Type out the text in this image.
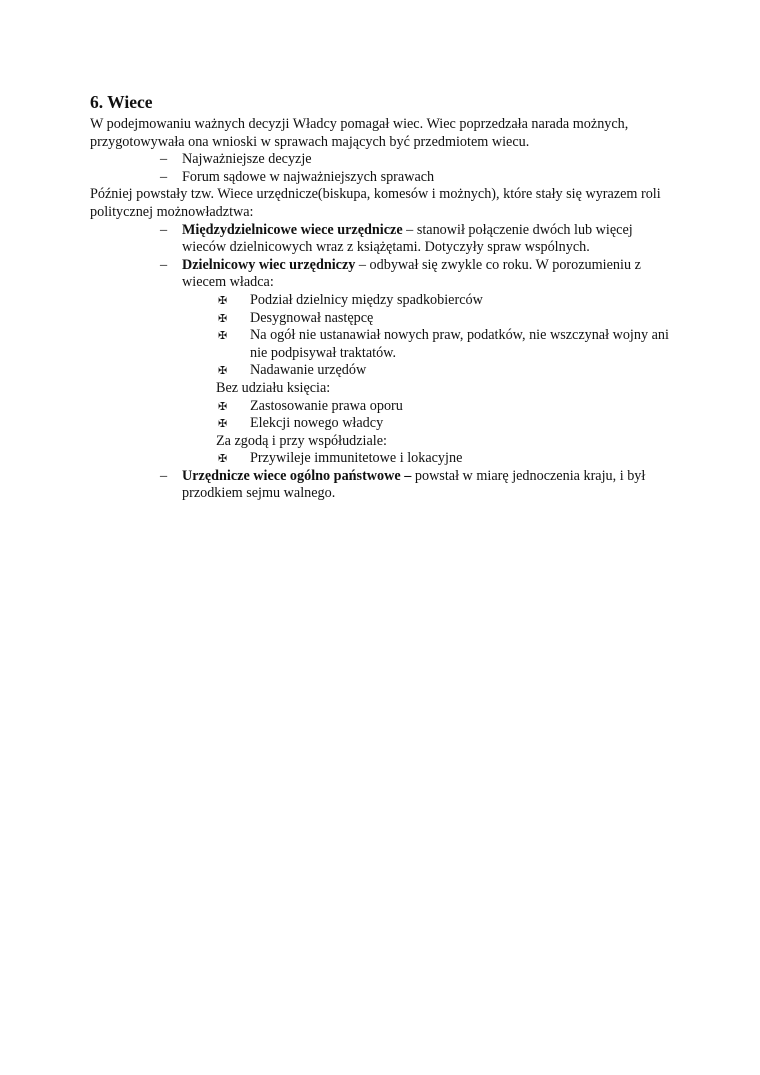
6. Wiece

W podejmowaniu ważnych decyzji Władcy pomagał wiec. Wiec poprzedzała narada możnych, przygotowywała ona wnioski w sprawach mających być przedmiotem wiecu.

– Najważniejsze decyzje
– Forum sądowe w najważniejszych sprawach

Później powstały tzw. Wiece urzędnicze(biskupa, komesów i możnych), które stały się wyrazem roli politycznej możnowładztwa:

– Międzydzielnicowe wiece urzędnicze – stanowił połączenie dwóch lub więcej wieców dzielnicowych wraz z książętami. Dotyczyły spraw wspólnych.
– Dzielnicowy wiec urzędniczy – odbywał się zwykle co roku. W porozumieniu z wiecem władca:
✠ Podział dzielnicy między spadkobierców
✠ Desygnował następcę
✠ Na ogół nie ustanawiał nowych praw, podatków, nie wszczynał wojny ani nie podpisywał traktatów.
✠ Nadawanie urzędów

Bez udziału księcia:

✠ Zastosowanie prawa oporu
✠ Elekcji nowego władcy

Za zgodą i przy współudziale:

✠ Przywileje immunitetowe i lokacyjne
– Urzędnicze wiece ogólno państwowe – powstał w miarę jednoczenia kraju, i był przodkiem sejmu walnego.
